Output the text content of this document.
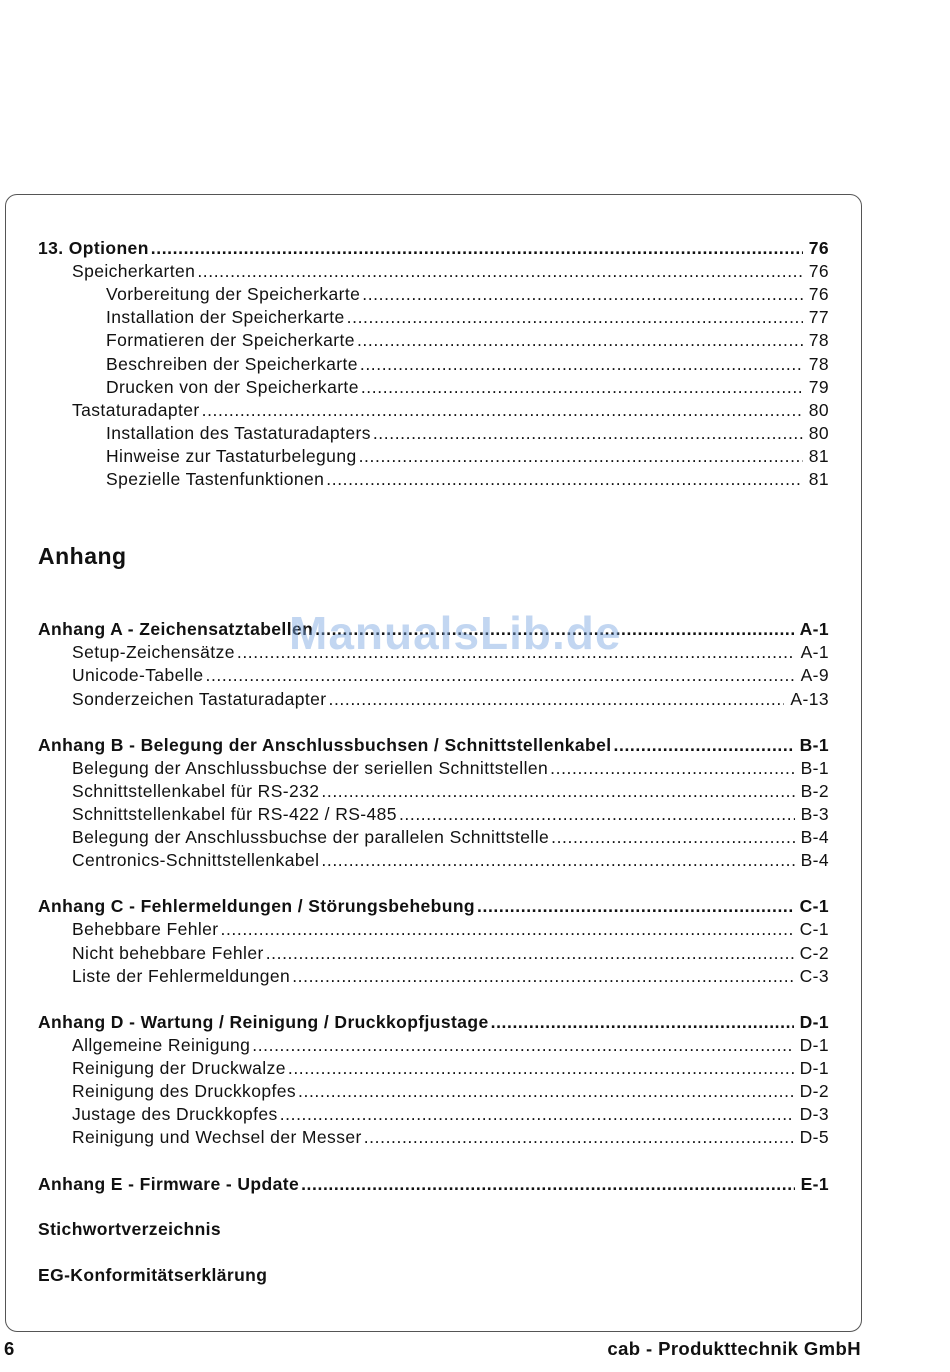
13. Optionen .....	76
Speicherkarten .....	76
Vorbereitung der Speicherkarte .....	76
Installation der Speicherkarte .....	77
Formatieren der Speicherkarte .....	78
Beschreiben der Speicherkarte .....	78
Drucken von der Speicherkarte .....	79
Tastaturadapter .....	80
Installation des Tastaturadapters .....	80
Hinweise zur Tastaturbelegung .....	81
Spezielle Tastenfunktionen .....	81
Anhang
Anhang A - Zeichensatztabellen .....	A-1
Setup-Zeichensätze .....	A-1
Unicode-Tabelle .....	A-9
Sonderzeichen Tastaturadapter .....	A-13
Anhang B - Belegung der Anschlussbuchsen / Schnittstellenkabel .....	B-1
Belegung der Anschlussbuchse der seriellen Schnittstellen .....	B-1
Schnittstellenkabel für RS-232 .....	B-2
Schnittstellenkabel für RS-422 / RS-485 .....	B-3
Belegung der Anschlussbuchse der parallelen Schnittstelle .....	B-4
Centronics-Schnittstellenkabel .....	B-4
Anhang C - Fehlermeldungen / Störungsbehebung .....	C-1
Behebbare Fehler .....	C-1
Nicht behebbare Fehler .....	C-2
Liste der Fehlermeldungen .....	C-3
Anhang D - Wartung / Reinigung / Druckkopfjustage .....	D-1
Allgemeine Reinigung .....	D-1
Reinigung der Druckwalze .....	D-1
Reinigung des Druckkopfes .....	D-2
Justage des Druckkopfes .....	D-3
Reinigung und Wechsel der Messer .....	D-5
Anhang E - Firmware - Update .....	E-1
Stichwortverzeichnis
EG-Konformitätserklärung
ManualsLib.de
6	cab - Produkttechnik GmbH
